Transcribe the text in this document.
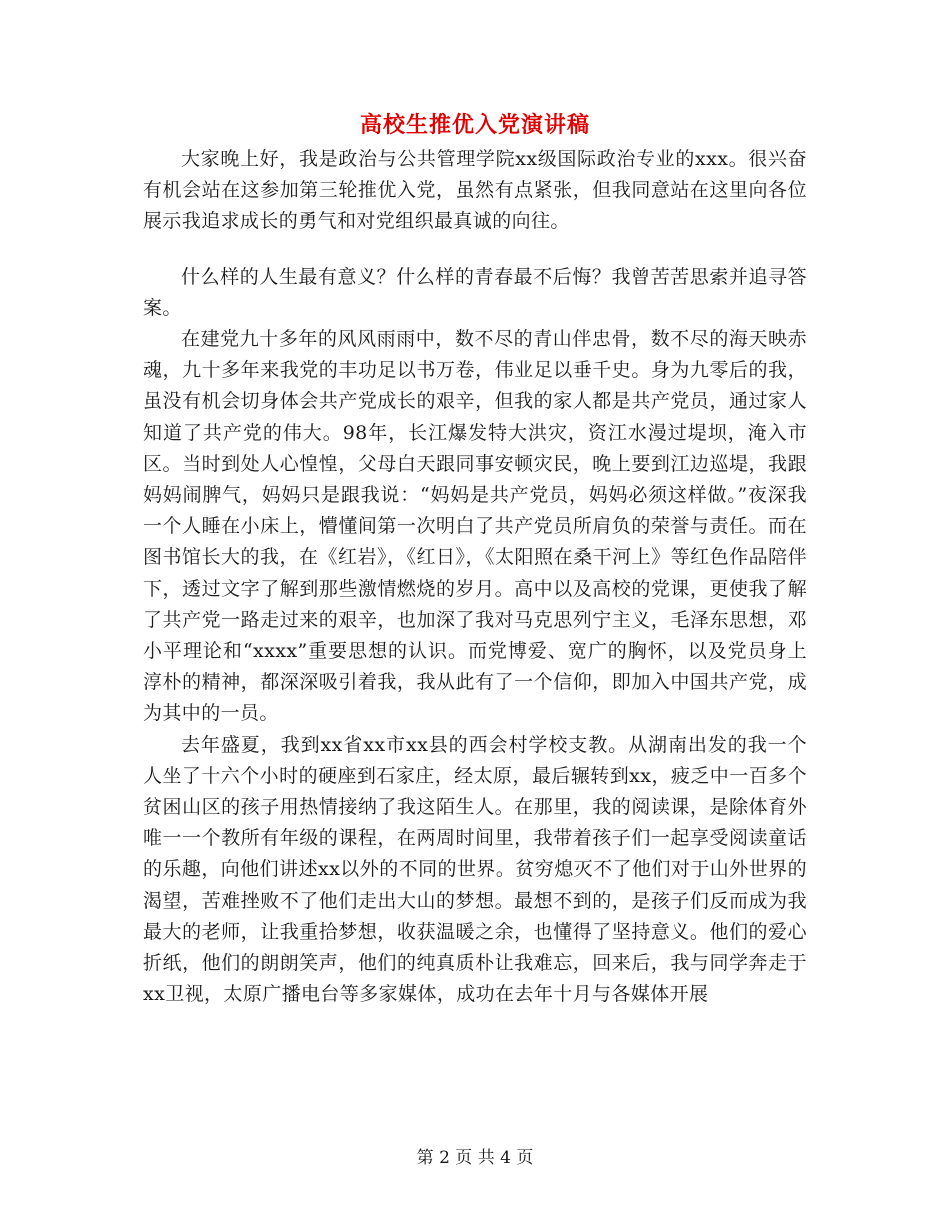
高校生推优入党演讲稿

大家晚上好，我是政治与公共管理学院xx级国际政治专业的xxx。很兴奋有机会站在这参加第三轮推优入党，虽然有点紧张，但我同意站在这里向各位展示我追求成长的勇气和对党组织最真诚的向往。

什么样的人生最有意义？什么样的青春最不后悔？我曾苦苦思索并追寻答案。

在建党九十多年的风风雨雨中，数不尽的青山伴忠骨，数不尽的海天映赤魂，九十多年来我党的丰功足以书万卷，伟业足以垂千史。身为九零后的我，虽没有机会切身体会共产党成长的艰辛，但我的家人都是共产党员，通过家人知道了共产党的伟大。98年，长江爆发特大洪灾，资江水漫过堤坝，淹入市区。当时到处人心惶惶，父母白天跟同事安顿灾民，晚上要到江边巡堤，我跟妈妈闹脾气，妈妈只是跟我说：“妈妈是共产党员，妈妈必须这样做。”夜深我一个人睡在小床上，懵懂间第一次明白了共产党员所肩负的荣誉与责任。而在图书馆长大的我，在《红岩》，《红日》，《太阳照在桑干河上》等红色作品陪伴下，透过文字了解到那些激情燃烧的岁月。高中以及高校的党课，更使我了解了共产党一路走过来的艰辛，也加深了我对马克思列宁主义，毛泽东思想，邓小平理论和“xxxx”重要思想的认识。而党博爱、宽广的胸怀，以及党员身上淳朴的精神，都深深吸引着我，我从此有了一个信仰，即加入中国共产党，成为其中的一员。

去年盛夏，我到xx省xx市xx县的西会村学校支教。从湖南出发的我一个人坐了十六个小时的硬座到石家庄，经太原，最后辗转到xx，疲乏中一百多个贫困山区的孩子用热情接纳了我这陌生人。在那里，我的阅读课，是除体育外唯一一个教所有年级的课程，在两周时间里，我带着孩子们一起享受阅读童话的乐趣，向他们讲述xx以外的不同的世界。贫穷熄灭不了他们对于山外世界的渴望，苦难挫败不了他们走出大山的梦想。最想不到的，是孩子们反而成为我最大的老师，让我重拾梦想，收获温暖之余，也懂得了坚持意义。他们的爱心折纸，他们的朗朗笑声，他们的纯真质朴让我难忘，回来后，我与同学奔走于xx卫视，太原广播电台等多家媒体，成功在去年十月与各媒体开展

第 2 页 共 4 页
